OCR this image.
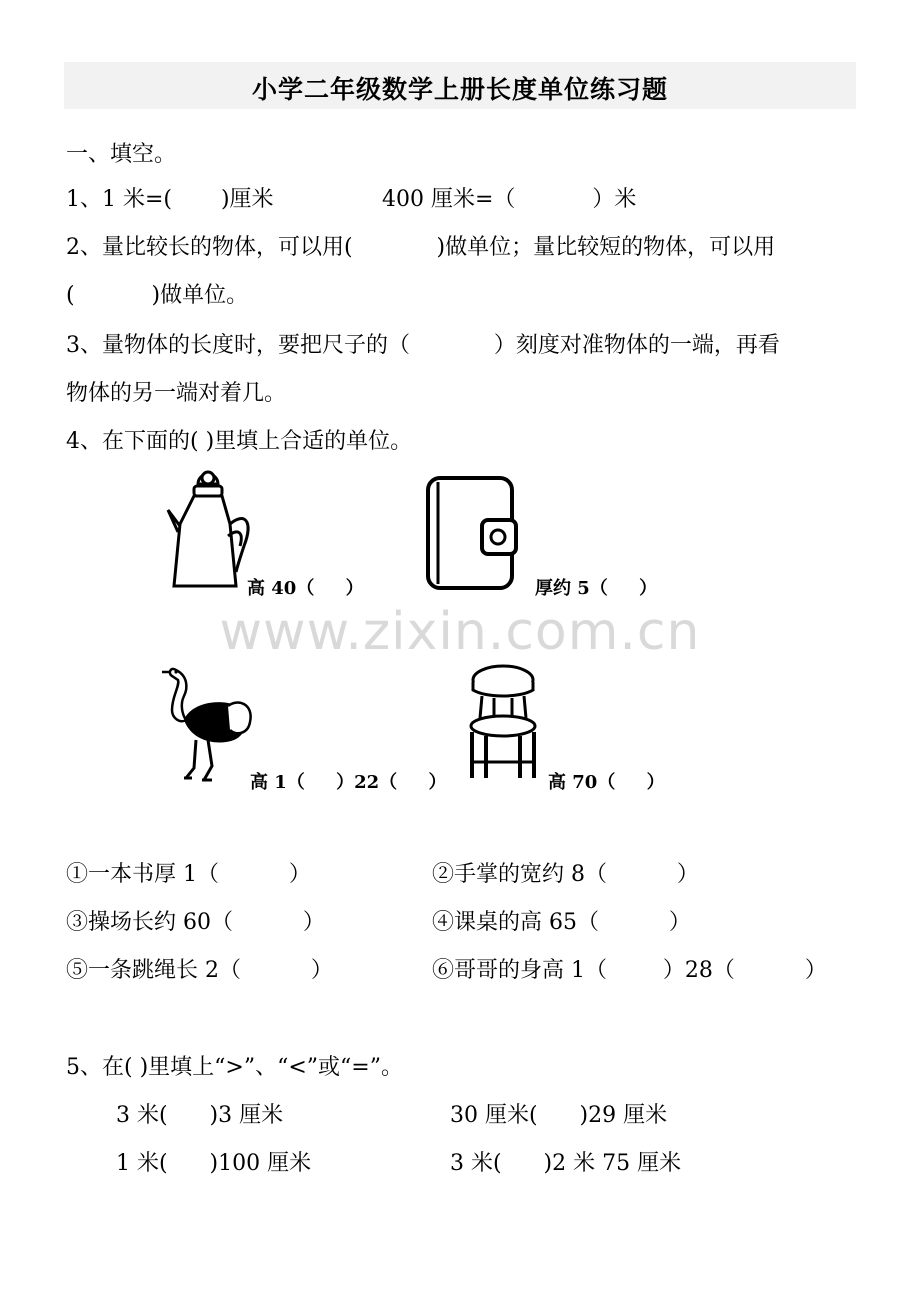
小学二年级数学上册长度单位练习题
一、填空。
1、1 米=(       )厘米	400 厘米=（           ）米
2、量比较长的物体，可以用(            )做单位；量比较短的物体，可以用
(           )做单位。
3、量物体的长度时，要把尺子的（            ）刻度对准物体的一端，再看
物体的另一端对着几。
4、在下面的( )里填上合适的单位。
高 40（     ）	厚约 5（     ）
www.zixin.com.cn
高 1（     ）22（     ）	高 70（     ）
①一本书厚 1（          ）	②手掌的宽约 8（          ）
③操场长约 60（          ）	④课桌的高 65（          ）
⑤一条跳绳长 2（          ）	⑥哥哥的身高 1（        ）28（          ）
5、在( )里填上“>”、“<”或“=”。
3 米(      )3 厘米	30 厘米(      )29 厘米
1 米(      )100 厘米	3 米(      )2 米 75 厘米
